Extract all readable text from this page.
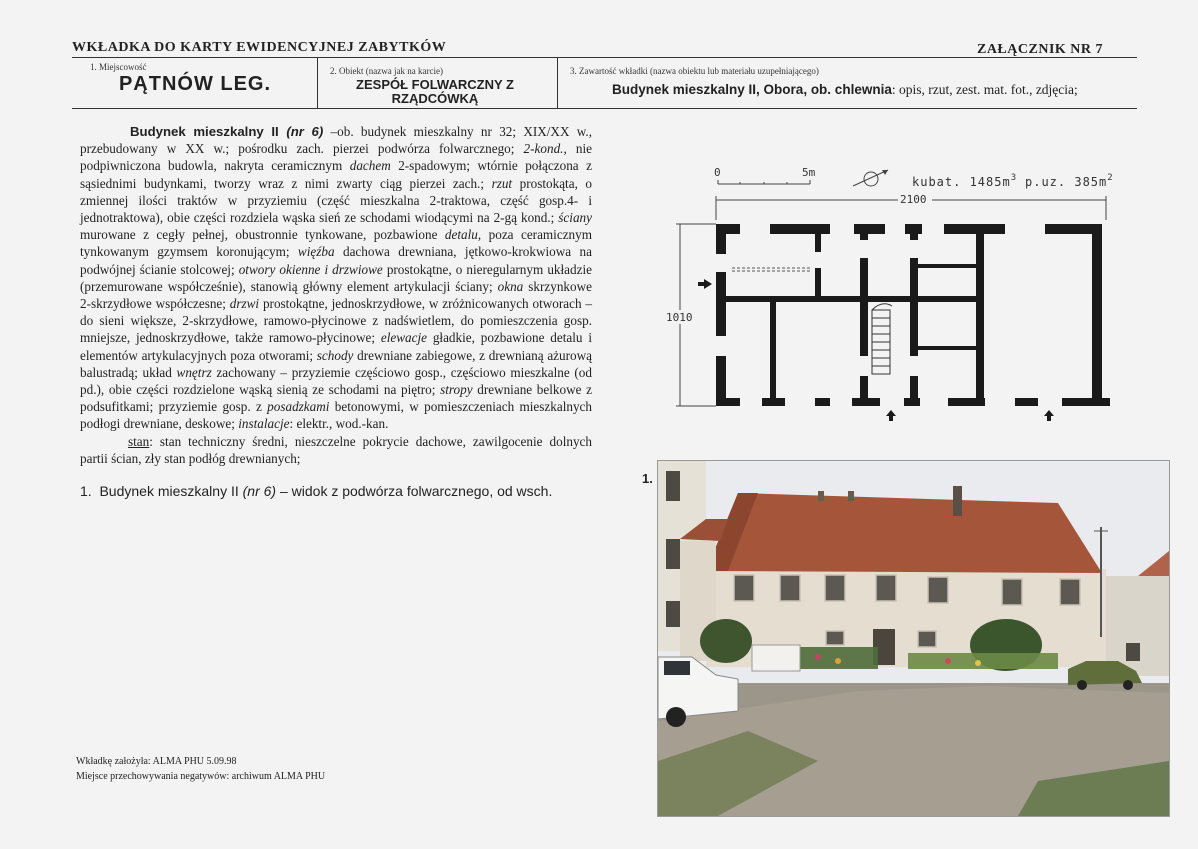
WKŁADKA DO KARTY EWIDENCYJNEJ ZABYTKÓW	ZAŁĄCZNIK NR 7
1. Miejscowość
PĄTNÓW LEG.
2. Obiekt (nazwa jak na karcie)
ZESPÓŁ FOLWARCZNY Z RZĄDCÓWKĄ
3. Zawartość wkładki (nazwa obiektu lub materiału uzupełniającego)
Budynek mieszkalny II, Obora, ob. chlewnia: opis, rzut, zest. mat. fot., zdjęcia;
Budynek mieszkalny II (nr 6) –ob. budynek mieszkalny nr 32; XIX/XX w., przebudowany w XX w.; pośrodku zach. pierzei podwórza folwarcznego; 2-kond., nie podpiwniczona budowla, nakryta ceramicznym dachem 2-spadowym; wtórnie połączona z sąsiednimi budynkami, tworzy wraz z nimi zwarty ciąg pierzei zach.; rzut prostokąta, o zmiennej ilości traktów w przyziemiu (część mieszkalna 2-traktowa, część gosp.4- i jednotraktowa), obie części rozdziela wąska sień ze schodami wiodącymi na 2-gą kond.; ściany murowane z cegły pełnej, obustronnie tynkowane, pozbawione detalu, poza ceramicznym tynkowanym gzymsem koronującym; więźba dachowa drewniana, jętkowo-krokwiowa na podwójnej ścianie stolcowej; otwory okienne i drzwiowe prostokątne, o nieregularnym układzie (przemurowane współcześnie), stanowią główny element artykulacji ściany; okna skrzynkowe 2-skrzydłowe współczesne; drzwi prostokątne, jednoskrzydłowe, w zróżnicowanych otworach – do sieni większe, 2-skrzydłowe, ramowo-płycinowe z nadświetlem, do pomieszczenia gosp. mniejsze, jednoskrzydłowe, także ramowo-płycinowe; elewacje gładkie, pozbawione detalu i elementów artykulacyjnych poza otworami; schody drewniane zabiegowe, z drewnianą ażurową balustradą; układ wnętrz zachowany – przyziemie częściowo gosp., częściowo mieszkalne (od pd.), obie części rozdzielone wąską sienią ze schodami na piętro; stropy drewniane belkowe z podsufitkami; przyziemie gosp. z posadzkami betonowymi, w pomieszczeniach mieszkalnych podłogi drewniane, deskowe; instalacje: elektr., wod.-kan.
stan: stan techniczny średni, nieszczelne pokrycie dachowe, zawilgocenie dolnych partii ścian, zły stan podłóg drewnianych;
1. Budynek mieszkalny II (nr 6) – widok z podwórza folwarcznego, od wsch.
0	5m
kubat. $1485m^3$ p.uz. $385m^2$
2100
1010
1.
Wkładkę założyła: ALMA PHU 5.09.98
Miejsce przechowywania negatywów: archiwum ALMA PHU
